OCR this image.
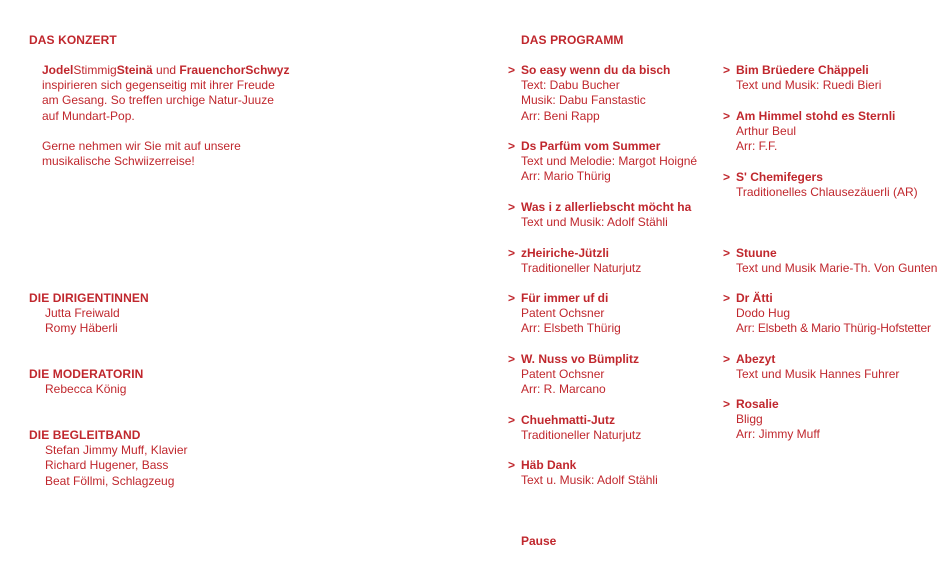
DAS KONZERT
JodelStimmigSteinä und FrauenchorSchwyz
inspirieren sich gegenseitig mit ihrer Freude
am Gesang. So treffen urchige Natur-Juuze
auf Mundart-Pop.
Gerne nehmen wir Sie mit auf unsere
musikalische Schwiizerreise!
DIE DIRIGENTINNEN
Jutta Freiwald
Romy Häberli
DIE MODERATORIN
Rebecca König
DIE BEGLEITBAND
Stefan Jimmy Muff, Klavier
Richard Hugener, Bass
Beat Föllmi, Schlagzeug
DAS PROGRAMM
> So easy wenn du da bisch
Text: Dabu Bucher
Musik: Dabu Fanstastic
Arr: Beni Rapp
> Ds Parfüm vom Summer
Text und Melodie: Margot Hoigné
Arr: Mario Thürig
> Was i z allerliebscht möcht ha
Text und Musik: Adolf Stähli
> zHeiriche-Jützli
Traditioneller Naturjutz
> Für immer uf di
Patent Ochsner
Arr: Elsbeth Thürig
> W. Nuss vo Bümplitz
Patent Ochsner
Arr: R. Marcano
> Chuehmatti-Jutz
Traditioneller Naturjutz
> Häb Dank
Text u. Musik: Adolf Stähli
Pause
> Bim Brüedere Chäppeli
Text und Musik: Ruedi Bieri
> Am Himmel stohd es Sternli
Arthur Beul
Arr: F.F.
> S' Chemifegers
Traditionelles Chlausezäuerli (AR)
> Stuune
Text und Musik Marie-Th. Von Gunten
> Dr Ätti
Dodo Hug
Arr: Elsbeth & Mario Thürig-Hofstetter
> Abezyt
Text und Musik Hannes Fuhrer
> Rosalie
Bligg
Arr: Jimmy Muff
